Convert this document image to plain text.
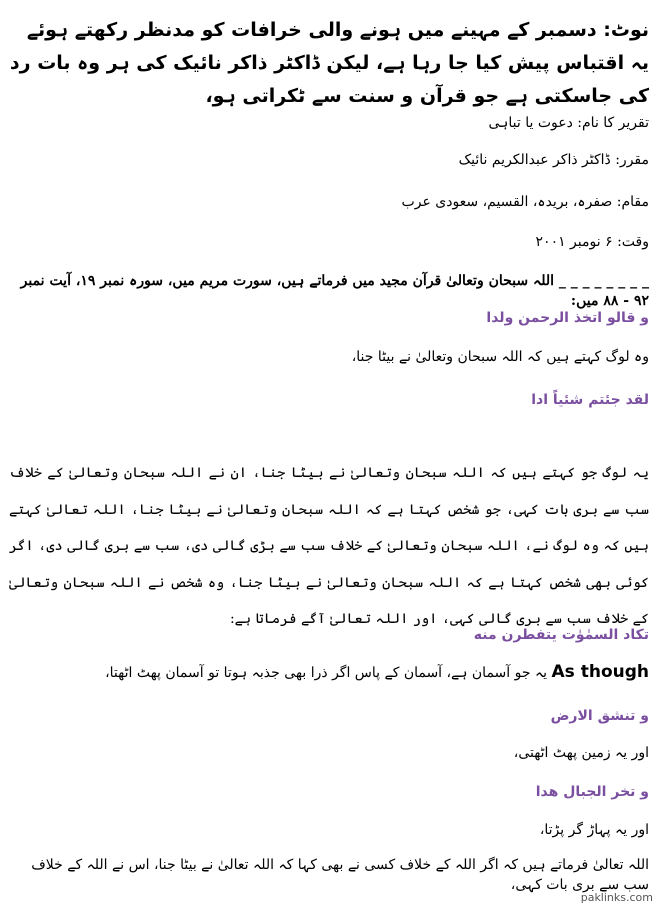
نوٹ: دسمبر کے مہینے میں ہونے والی خرافات کو مدنظر رکھتے ہوئے یہ اقتباس پیش کیا جا رہا ہے، لیکن ڈاکٹر ذاکر نائیک کی ہر وہ بات رد کی جاسکتی ہے جو قرآن و سنت سے ٹکراتی ہو،

تقریر کا نام: دعوت یا تباہی

مقرر: ڈاکٹر ذاکر عبدالکریم نائیک

مقام: صفرہ، بریدہ، القسیم، سعودی عرب

وقت: ۶ نومبر ۲۰۰۱

_ _ _ _ _ _ _ _ اللہ سبحان وتعالیٰ قرآن مجید میں فرماتے ہیں، سورت مریم میں، سورہ نمبر ۱۹، آیت نمبر ۹۲ - ۸۸ میں:

و قالو اتخذ الرحمن ولدا

وہ لوگ کہتے ہیں کہ اللہ سبحان وتعالیٰ نے بیٹا جنا،

لقد جئتم شئیاً ادا

یہ لوگ جو کہتے ہیں کہ اللہ سبحان وتعالیٰ نے بیٹا جنا، ان نے اللہ سبحان وتعالیٰ کے خلاف سب سے بری بات کہی، جو شخص کہتا ہے کہ اللہ سبحان وتعالیٰ نے بیٹا جنا، اللہ تعالیٰ کہتے ہیں کہ وہ لوگ نے، اللہ سبحان وتعالیٰ کے خلاف سب سے بڑی گالی دی، سب سے بری گالی دی، اگر کوئی بھی شخص کہتا ہے کہ اللہ سبحان وتعالیٰ نے بیٹا جنا، وہ شخص نے اللہ سبحان وتعالیٰ کے خلاف سب سے بری گالی کہی، اور اللہ تعالیٰ آگے فرماتا ہے:

تکاد السمٰوٰت یتفطرن منه

As though یہ جو آسمان ہے، آسمان کے پاس اگر ذرا بھی جذبہ ہوتا تو آسمان پھٹ اٹھتا،

و تنشق الارض

اور یہ زمین پھٹ اٹھتی،

و تخر الجبال هدا

اور یہ پہاڑ گر پڑتا،

اللہ تعالیٰ فرماتے ہیں کہ اگر اللہ کے خلاف کسی نے بھی کہا کہ اللہ تعالیٰ نے بیٹا جنا، اس نے اللہ کے خلاف سب سے بری بات کہی،

paklinks.com
